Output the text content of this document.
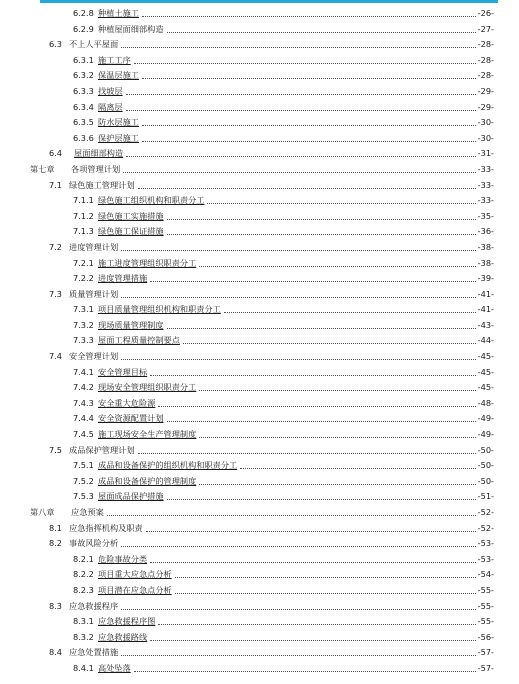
6.2.8 种植土施工	-26-
6.2.9 种植屋面细部构造	-27-
6.3 不上人平屋面	-28-
6.3.1 施工工序	-28-
6.3.2 保温层施工	-28-
6.3.3 找坡层	-29-
6.3.4 隔离层	-29-
6.3.5 防水层施工	-30-
6.3.6 保护层施工	-30-
6.4 屋面细部构造	-31-
第七章 各项管理计划	-33-
7.1 绿色施工管理计划	-33-
7.1.1 绿色施工组织机构和职责分工	-33-
7.1.2 绿色施工实施措施	-35-
7.1.3 绿色施工保证措施	-36-
7.2 进度管理计划	-38-
7.2.1 施工进度管理组织职责分工	-38-
7.2.2 进度管理措施	-39-
7.3 质量管理计划	-41-
7.3.1 项目质量管理组织机构和职责分工	-41-
7.3.2 现场质量管理制度	-43-
7.3.3 屋面工程质量控制要点	-44-
7.4 安全管理计划	-45-
7.4.1 安全管理目标	-45-
7.4.2 现场安全管理组织职责分工	-45-
7.4.3 安全重大危险源	-48-
7.4.4 安全资源配置计划	-49-
7.4.5 施工现场安全生产管理制度	-49-
7.5 成品保护管理计划	-50-
7.5.1 成品和设备保护的组织机构和职责分工	-50-
7.5.2 成品和设备保护的管理制度	-50-
7.5.3 屋面成品保护措施	-51-
第八章 应急预案	-52-
8.1 应急指挥机构及职责	-52-
8.2 事故风险分析	-53-
8.2.1 危险事故分类	-53-
8.2.2 项目重大应急点分析	-54-
8.2.3 项目潜在应急点分析	-55-
8.3 应急救援程序	-55-
8.3.1 应急救援程序图	-55-
8.3.2 应急救援路线	-56-
8.4 应急处置措施	-57-
8.4.1 高处坠落	-57-
